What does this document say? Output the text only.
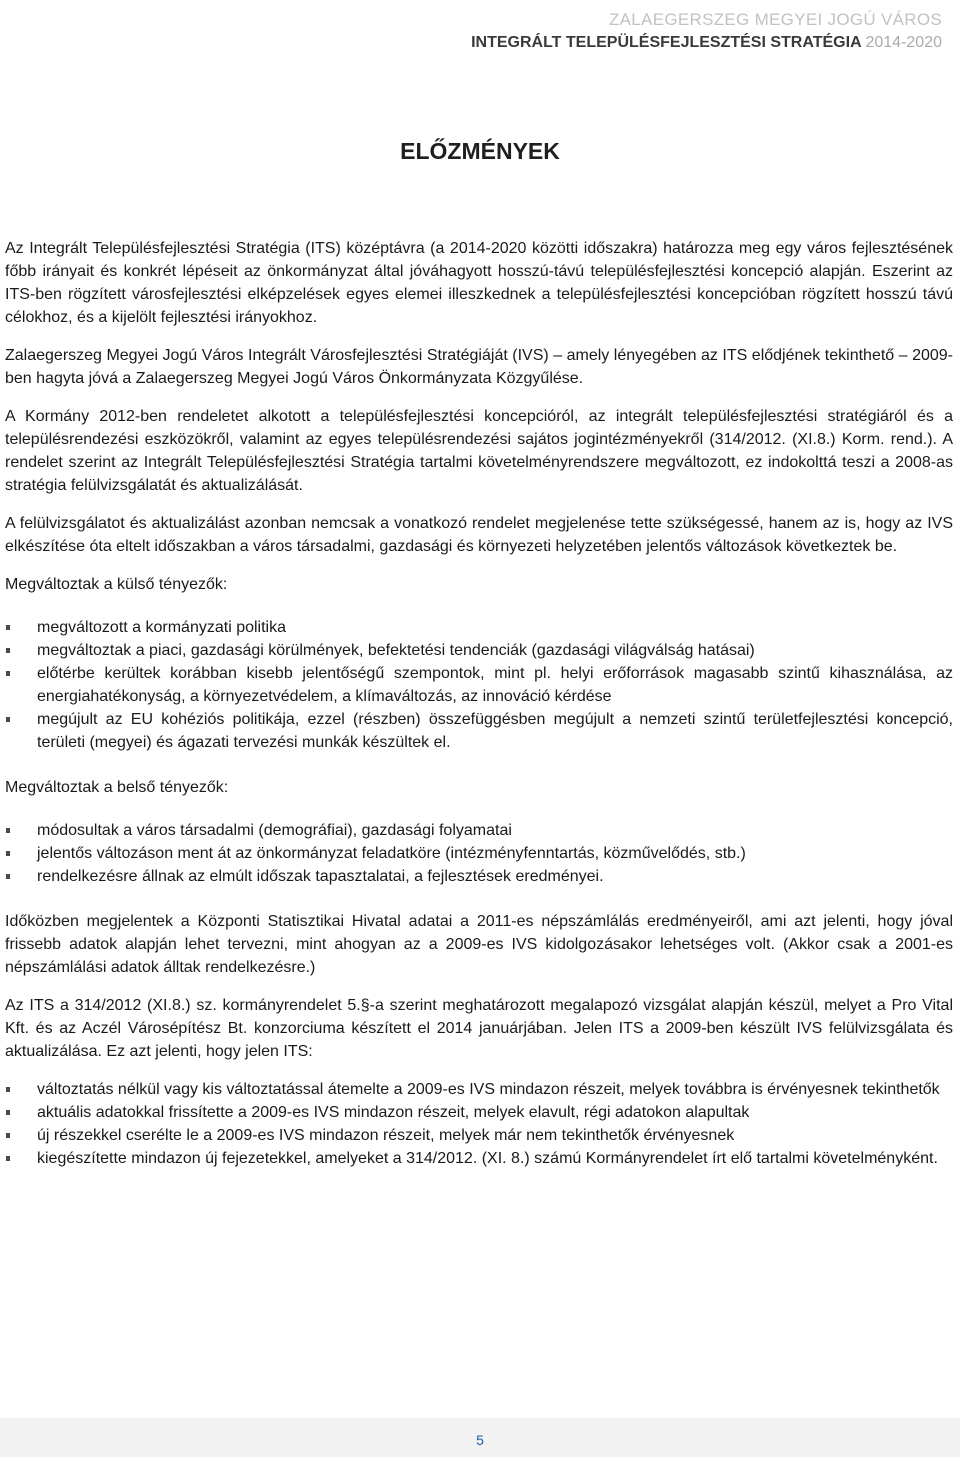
ZALAEGERSZEG MEGYEI JOGÚ VÁROS
INTEGRÁLT TELEPÜLÉSFEJLESZTÉSI STRATÉGIA 2014-2020
ELŐZMÉNYEK

Az Integrált Településfejlesztési Stratégia (ITS) középtávra (a 2014-2020 közötti időszakra) határozza meg egy város fejlesztésének főbb irányait és konkrét lépéseit az önkormányzat által jóváhagyott hosszú-távú településfejlesztési koncepció alapján. Eszerint az ITS-ben rögzített városfejlesztési elképzelések egyes elemei illeszkednek a településfejlesztési koncepcióban rögzített hosszú távú célokhoz, és a kijelölt fejlesztési irányokhoz.

Zalaegerszeg Megyei Jogú Város Integrált Városfejlesztési Stratégiáját (IVS) – amely lényegében az ITS elődjének tekinthető – 2009-ben hagyta jóvá a Zalaegerszeg Megyei Jogú Város Önkormányzata Közgyűlése.

A Kormány 2012-ben rendeletet alkotott a településfejlesztési koncepcióról, az integrált településfejlesztési stratégiáról és a településrendezési eszközökről, valamint az egyes településrendezési sajátos jogintézményekről (314/2012. (XI.8.) Korm. rend.). A rendelet szerint az Integrált Településfejlesztési Stratégia tartalmi követelményrendszere megváltozott, ez indokolttá teszi a 2008-as stratégia felülvizsgálatát és aktualizálását.

A felülvizsgálatot és aktualizálást azonban nemcsak a vonatkozó rendelet megjelenése tette szükségessé, hanem az is, hogy az IVS elkészítése óta eltelt időszakban a város társadalmi, gazdasági és környezeti helyzetében jelentős változások következtek be.

Megváltoztak a külső tényezők:

megváltozott a kormányzati politika
megváltoztak a piaci, gazdasági körülmények, befektetési tendenciák (gazdasági világválság hatásai)
előtérbe kerültek korábban kisebb jelentőségű szempontok, mint pl. helyi erőforrások magasabb szintű kihasználása, az energiahatékonyság, a környezetvédelem, a klímaváltozás, az innováció kérdése
megújult az EU kohéziós politikája, ezzel (részben) összefüggésben megújult a nemzeti szintű területfejlesztési koncepció, területi (megyei) és ágazati tervezési munkák készültek el.

Megváltoztak a belső tényezők:

módosultak a város társadalmi (demográfiai), gazdasági folyamatai
jelentős változáson ment át az önkormányzat feladatköre (intézményfenntartás, közművelődés, stb.)
rendelkezésre állnak az elmúlt időszak tapasztalatai, a fejlesztések eredményei.

Időközben megjelentek a Központi Statisztikai Hivatal adatai a 2011-es népszámlálás eredményeiről, ami azt jelenti, hogy jóval frissebb adatok alapján lehet tervezni, mint ahogyan az a 2009-es IVS kidolgozásakor lehetséges volt. (Akkor csak a 2001-es népszámlálási adatok álltak rendelkezésre.)

Az ITS a 314/2012 (XI.8.) sz. kormányrendelet 5.§-a szerint meghatározott megalapozó vizsgálat alapján készül, melyet a Pro Vital Kft. és az Aczél Városépítész Bt. konzorciuma készített el 2014 januárjában. Jelen ITS a 2009-ben készült IVS felülvizsgálata és aktualizálása. Ez azt jelenti, hogy jelen ITS:

változtatás nélkül vagy kis változtatással átemelte a 2009-es IVS mindazon részeit, melyek továbbra is érvényesnek tekinthetők
aktuális adatokkal frissítette a 2009-es IVS mindazon részeit, melyek elavult, régi adatokon alapultak
új részekkel cserélte le a 2009-es IVS mindazon részeit, melyek már nem tekinthetők érvényesnek
kiegészítette mindazon új fejezetekkel, amelyeket a 314/2012. (XI. 8.) számú Kormányrendelet írt elő tartalmi követelményként.
5
